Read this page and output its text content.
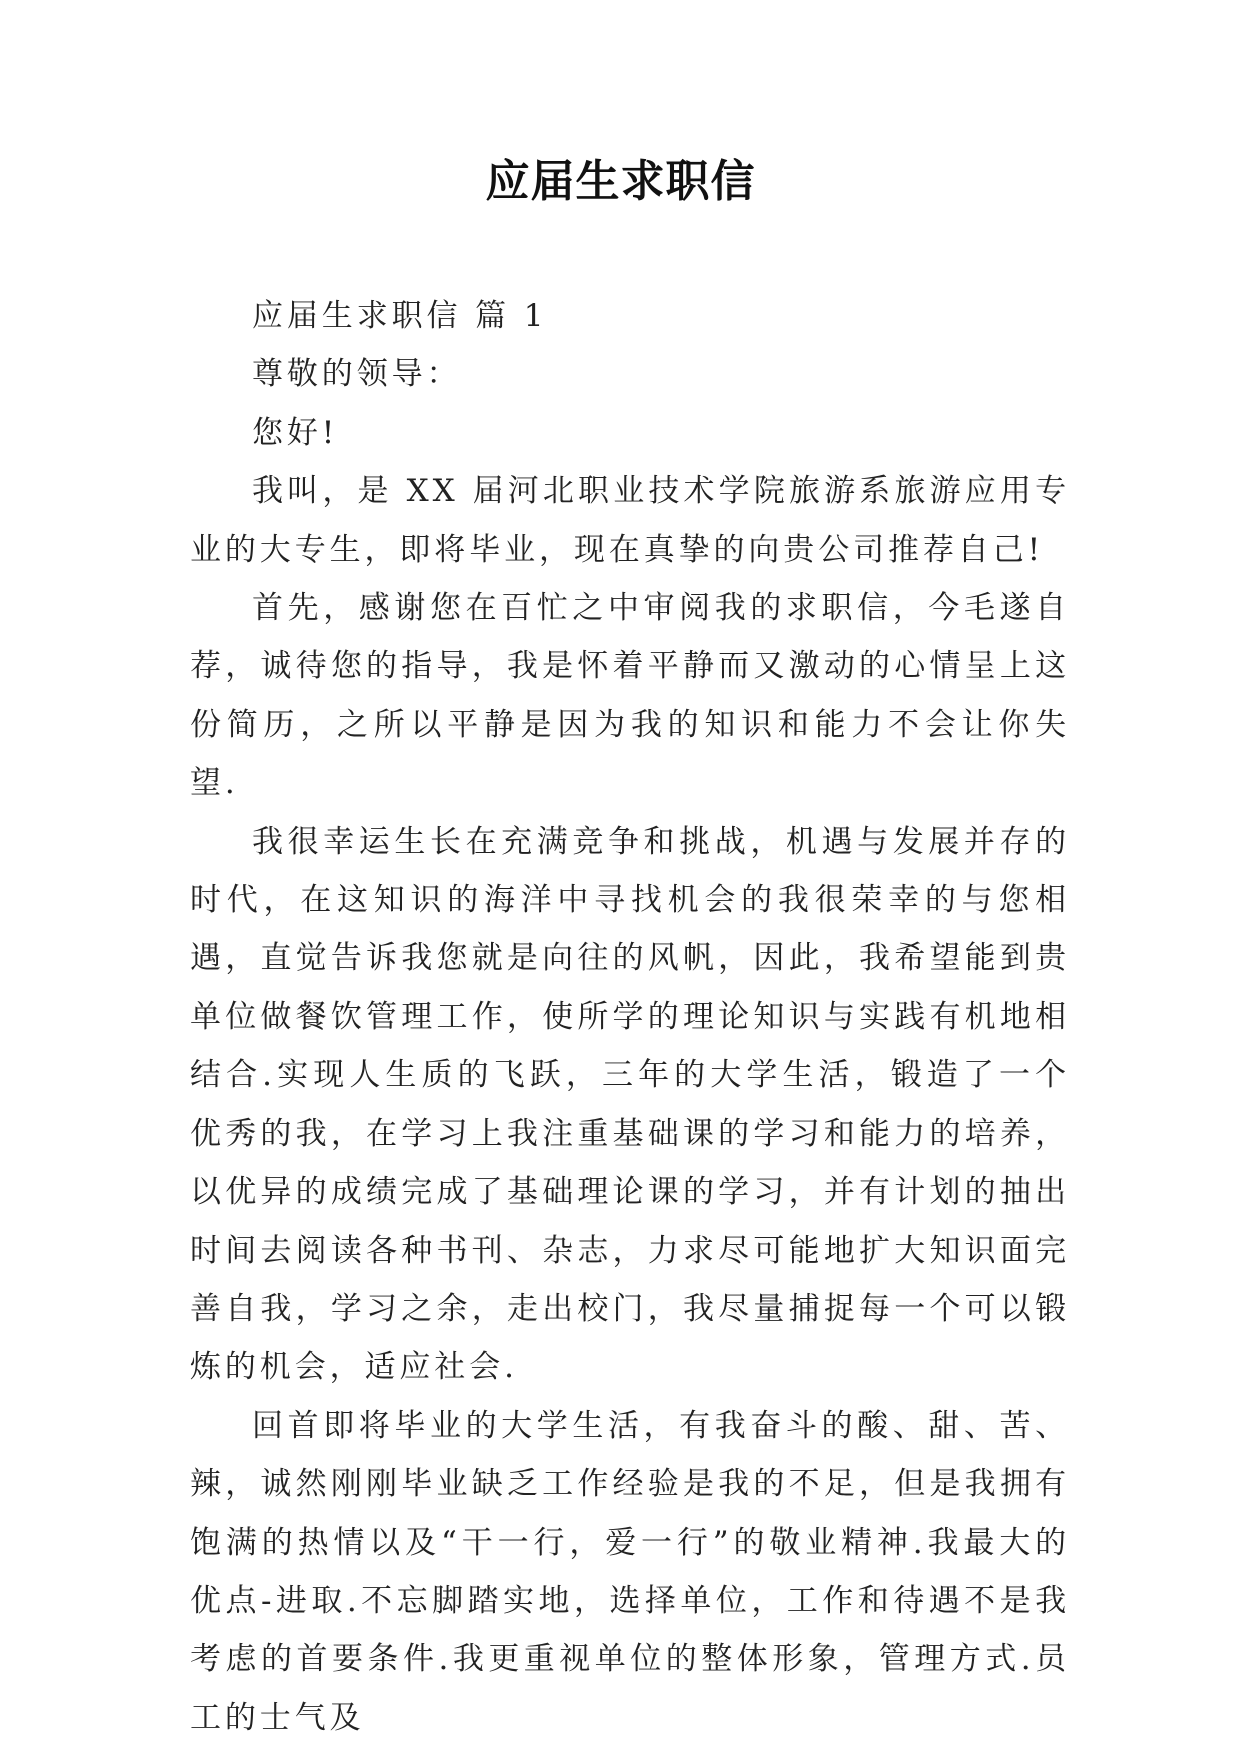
应届生求职信

应届生求职信 篇 1

尊敬的领导：

您好!

我叫，是 XX 届河北职业技术学院旅游系旅游应用专业的大专生，即将毕业，现在真挚的向贵公司推荐自己!

首先，感谢您在百忙之中审阅我的求职信，今毛遂自荐，诚待您的指导，我是怀着平静而又激动的心情呈上这份简历，之所以平静是因为我的知识和能力不会让你失望.

我很幸运生长在充满竞争和挑战，机遇与发展并存的时代，在这知识的海洋中寻找机会的我很荣幸的与您相遇，直觉告诉我您就是向往的风帆，因此，我希望能到贵单位做餐饮管理工作，使所学的理论知识与实践有机地相结合.实现人生质的飞跃，三年的大学生活，锻造了一个优秀的我，在学习上我注重基础课的学习和能力的培养，以优异的成绩完成了基础理论课的学习，并有计划的抽出时间去阅读各种书刊、杂志，力求尽可能地扩大知识面完善自我，学习之余，走出校门，我尽量捕捉每一个可以锻炼的机会，适应社会.

回首即将毕业的大学生活，有我奋斗的酸、甜、苦、辣，诚然刚刚毕业缺乏工作经验是我的不足，但是我拥有饱满的热情以及“干一行，爱一行”的敬业精神.我最大的优点-进取.不忘脚踏实地，选择单位，工作和待遇不是我考虑的首要条件.我更重视单位的整体形象，管理方式.员工的士气及
